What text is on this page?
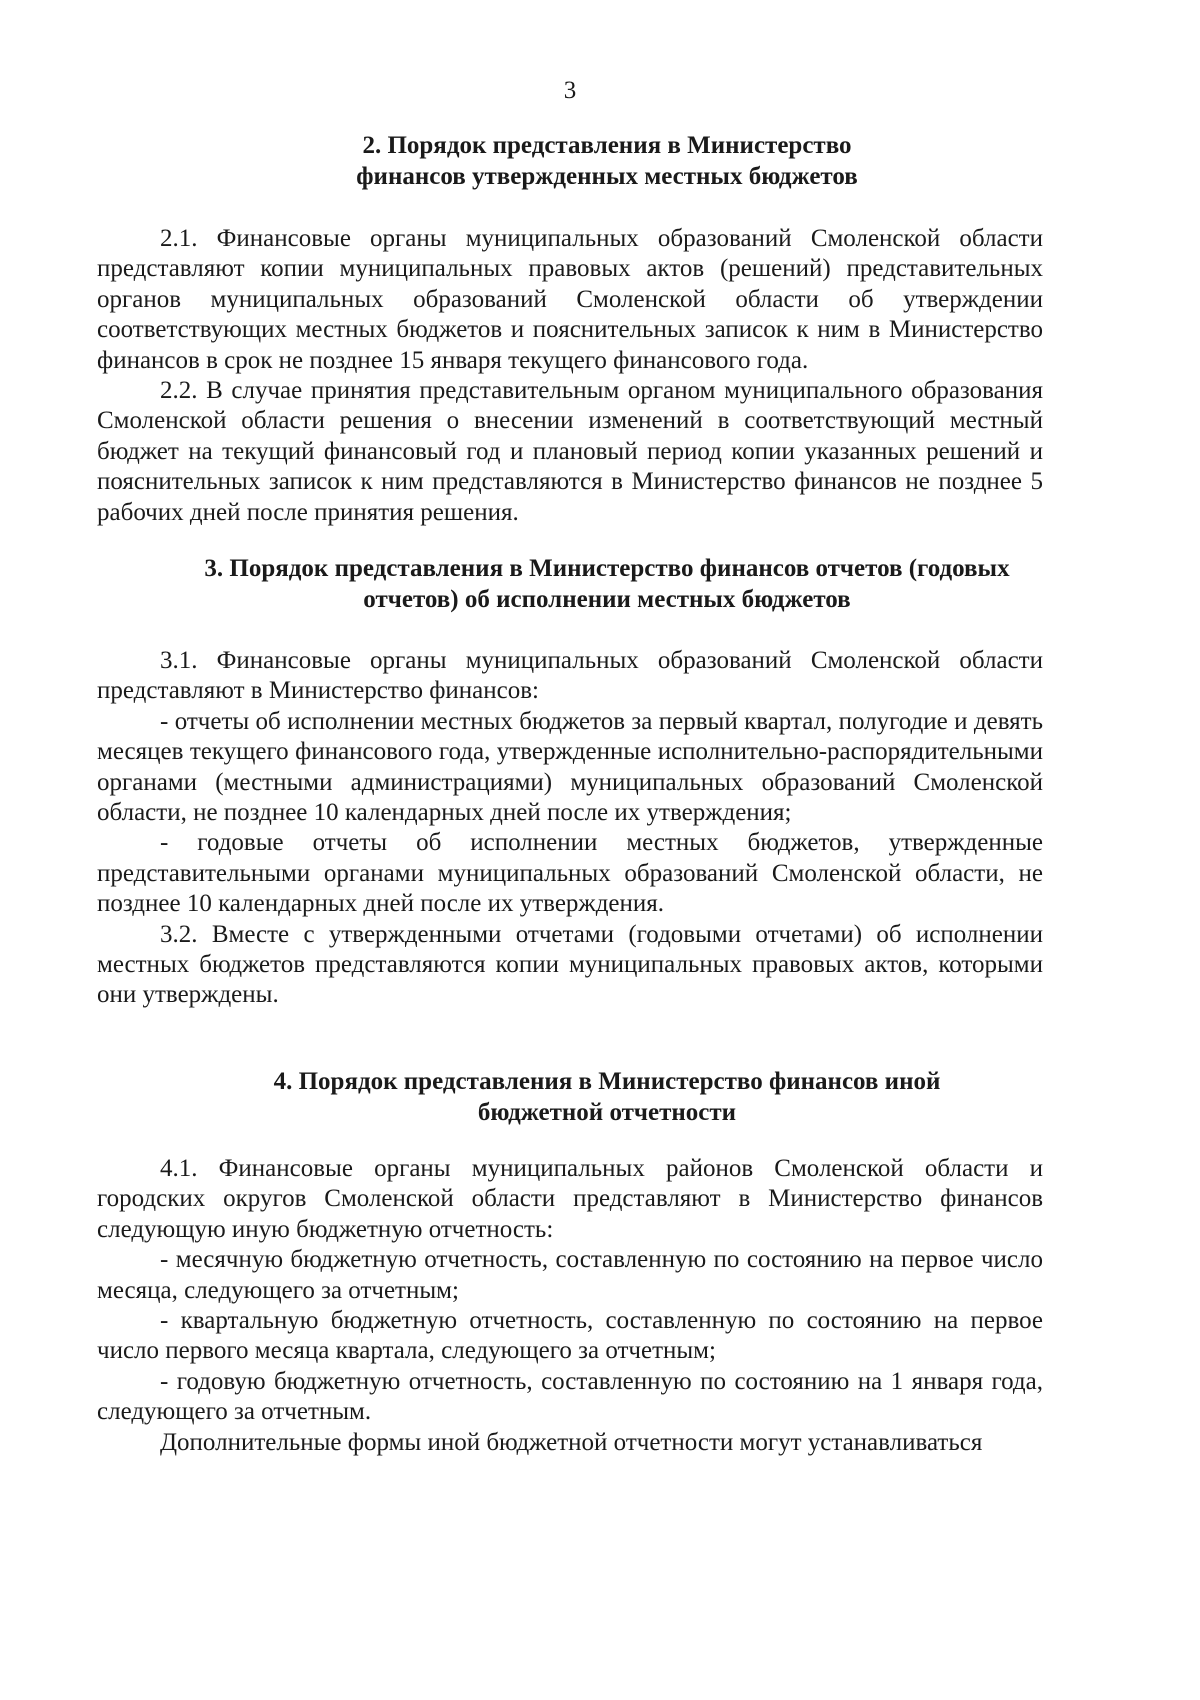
3
2. Порядок представления в Министерство
финансов утвержденных местных бюджетов

2.1. Финансовые органы муниципальных образований Смоленской области представляют копии муниципальных правовых актов (решений) представительных органов муниципальных образований Смоленской области об утверждении соответствующих местных бюджетов и пояснительных записок к ним в Министерство финансов в срок не позднее 15 января текущего финансового года.

2.2. В случае принятия представительным органом муниципального образования Смоленской области решения о внесении изменений в соответствующий местный бюджет на текущий финансовый год и плановый период копии указанных решений и пояснительных записок к ним представляются в Министерство финансов не позднее 5 рабочих дней после принятия решения.

3. Порядок представления в Министерство финансов отчетов (годовых
отчетов) об исполнении местных бюджетов

3.1. Финансовые органы муниципальных образований Смоленской области представляют в Министерство финансов:

- отчеты об исполнении местных бюджетов за первый квартал, полугодие и девять месяцев текущего финансового года, утвержденные исполнительно-распорядительными органами (местными администрациями) муниципальных образований Смоленской области, не позднее 10 календарных дней после их утверждения;

- годовые отчеты об исполнении местных бюджетов, утвержденные представительными органами муниципальных образований Смоленской области, не позднее 10 календарных дней после их утверждения.

3.2. Вместе с утвержденными отчетами (годовыми отчетами) об исполнении местных бюджетов представляются копии муниципальных правовых актов, которыми они утверждены.

4. Порядок представления в Министерство финансов иной
бюджетной отчетности

4.1. Финансовые органы муниципальных районов Смоленской области и городских округов Смоленской области представляют в Министерство финансов следующую иную бюджетную отчетность:

- месячную бюджетную отчетность, составленную по состоянию на первое число месяца, следующего за отчетным;

- квартальную бюджетную отчетность, составленную по состоянию на первое число первого месяца квартала, следующего за отчетным;

- годовую бюджетную отчетность, составленную по состоянию на 1 января года, следующего за отчетным.

Дополнительные формы иной бюджетной отчетности могут устанавливаться
